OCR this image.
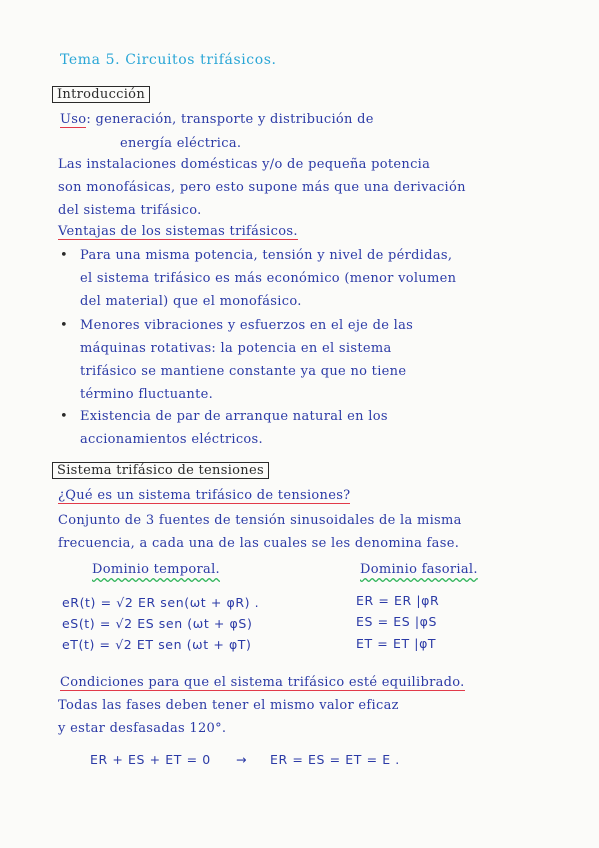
Tema 5. Circuitos trifásicos.
Introducción
Uso: generación, transporte y distribución de
energía eléctrica.
Las instalaciones domésticas y/o de pequeña potencia
son monofásicas, pero esto supone más que una derivación
del sistema trifásico.
Ventajas de los sistemas trifásicos.
• Para una misma potencia, tensión y nivel de pérdidas,
el sistema trifásico es más económico (menor volumen
del material) que el monofásico.
• Menores vibraciones y esfuerzos en el eje de las
máquinas rotativas: la potencia en el sistema
trifásico se mantiene constante ya que no tiene
término fluctuante.
• Existencia de par de arranque natural en los
accionamientos eléctricos.
Sistema trifásico de tensiones
¿Qué es un sistema trifásico de tensiones?
Conjunto de 3 fuentes de tensión sinusoidales de la misma
frecuencia, a cada una de las cuales se les denomina fase.
Dominio temporal.	Dominio fasorial.
eR(t) = √2 ER sen(ωt + φR) .
eS(t) = √2 ES sen (ωt + φS)
eT(t) = √2 ET sen (ωt + φT)
ER = ER |φR
ES = ES |φS
ET = ET |φT
Condiciones para que el sistema trifásico esté equilibrado.
Todas las fases deben tener el mismo valor eficaz
y estar desfasadas 120°.
ER + ES + ET = 0 → ER = ES = ET = E .
